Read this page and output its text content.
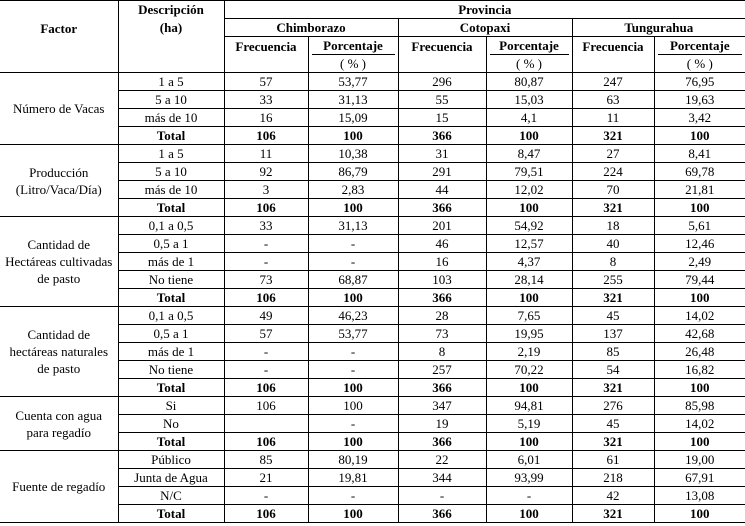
Factor	Descripción	Provincia					
	(ha)	Chimborazo		Cotopaxi		Tungurahua	
		Frecuencia	Porcentaje	Frecuencia	Porcentaje	Frecuencia	Porcentaje

			( % )		( % )		( % )
Número de Vacas	1 a 5	57	53,77	296	80,87	247	76,95
	5 a 10	33	31,13	55	15,03	63	19,63
	más de 10	16	15,09	15	4,1	11	3,42
	Total	106	100	366	100	321	100
Producción (Litro/Vaca/Día)	1 a 5	11	10,38	31	8,47	27	8,41
	5 a 10	92	86,79	291	79,51	224	69,78
	más de 10	3	2,83	44	12,02	70	21,81
	Total	106	100	366	100	321	100
Cantidad de Hectáreas cultivadas de pasto	0,1 a 0,5	33	31,13	201	54,92	18	5,61
	0,5 a 1	-	-	46	12,57	40	12,46
	más de 1	-	-	16	4,37	8	2,49
	No tiene	73	68,87	103	28,14	255	79,44
	Total	106	100	366	100	321	100
Cantidad de hectáreas naturales de pasto	0,1 a 0,5	49	46,23	28	7,65	45	14,02
	0,5 a 1	57	53,77	73	19,95	137	42,68
	más de 1	-	-	8	2,19	85	26,48
	No tiene	-	-	257	70,22	54	16,82
	Total	106	100	366	100	321	100
Cuenta con agua para regadío	Si	106	100	347	94,81	276	85,98
	No		-	19	5,19	45	14,02
	Total	106	100	366	100	321	100
Fuente de regadío	Público	85	80,19	22	6,01	61	19,00
	Junta de Agua	21	19,81	344	93,99	218	67,91
	N/C	-	-	-	-	42	13,08
	Total	106	100	366	100	321	100
